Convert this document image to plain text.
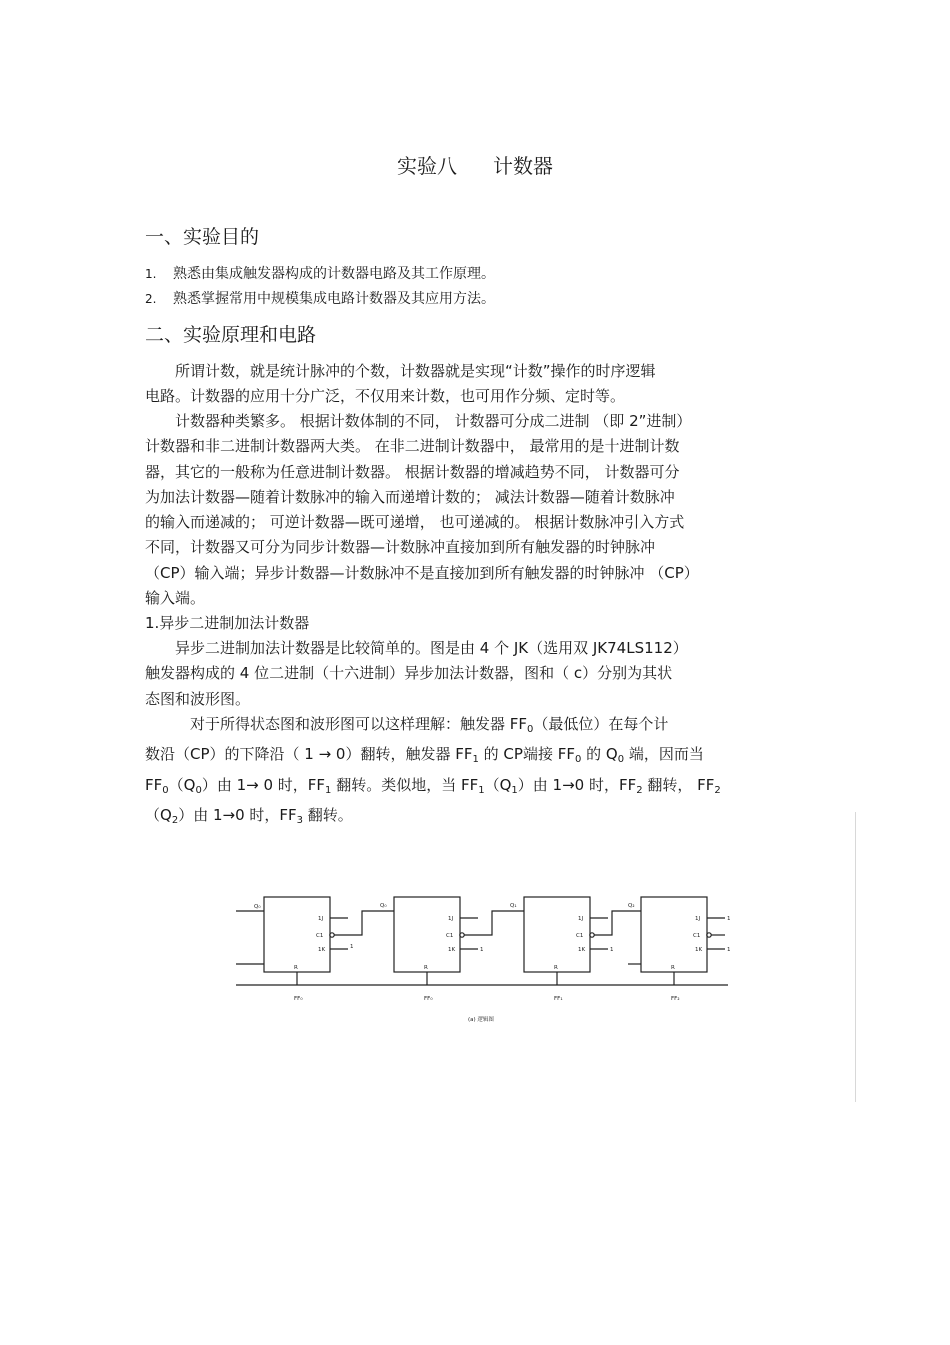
实验八 计数器
一、实验目的
1. 熟悉由集成触发器构成的计数器电路及其工作原理。
2. 熟悉掌握常用中规模集成电路计数器及其应用方法。
二、实验原理和电路
　　所谓计数，就是统计脉冲的个数，计数器就是实现“计数”操作的时序逻辑
电路。计数器的应用十分广泛，不仅用来计数，也可用作分频、定时等。
　　计数器种类繁多。 根据计数体制的不同， 计数器可分成二进制 （即 2”进制）
计数器和非二进制计数器两大类。 在非二进制计数器中， 最常用的是十进制计数
器，其它的一般称为任意进制计数器。 根据计数器的增减趋势不同， 计数器可分
为加法计数器—随着计数脉冲的输入而递增计数的； 减法计数器—随着计数脉冲
的输入而递减的； 可逆计数器—既可递增， 也可递减的。 根据计数脉冲引入方式
不同，计数器又可分为同步计数器—计数脉冲直接加到所有触发器的时钟脉冲
（CP）输入端；异步计数器—计数脉冲不是直接加到所有触发器的时钟脉冲 （CP）
输入端。
1.异步二进制加法计数器
　　异步二进制加法计数器是比较简单的。图是由 4 个 JK（选用双 JK74LS112）
触发器构成的 4 位二进制（十六进制）异步加法计数器，图和（ c）分别为其状
态图和波形图。
　　　对于所得状态图和波形图可以这样理解：触发器 $FF_0$（最低位）在每个计
数沿（CP）的下降沿（ 1 → 0）翻转，触发器 $FF_1$ 的 CP端接 $FF_0$ 的 $Q_0$ 端，因而当
$FF_0(Q_0)$由 1→ 0 时，$FF_1$ 翻转。类似地，当 $FF_1(Q_1)$由 1→0 时，$FF_2$ 翻转， $FF_2$
$(Q_2)$由 1→0 时，$FF_3$ 翻转。
Q₀	Q₀	Q₁	Q₂
1J
C1
1K
R
1J
C1
1K
R
1J
C1
1K
R
1J
C1
1K
R
1	1	1
1
1
FF₀	FF₀	FF₁	FF₂
(a) 逻辑图
